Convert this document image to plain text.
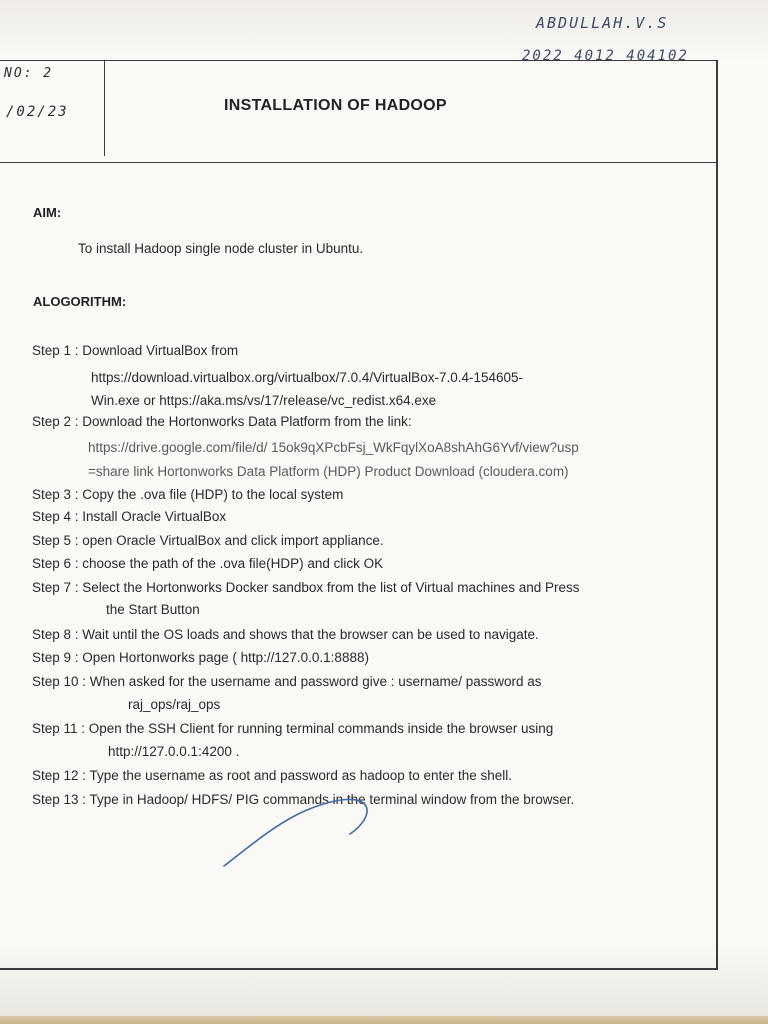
ABDULLAH.V.S
2022 4012 404102
NO: 2
/02/23	INSTALLATION OF HADOOP
AIM:
To install Hadoop single node cluster in Ubuntu.
ALOGORITHM:
Step 1 : Download VirtualBox from
https://download.virtualbox.org/virtualbox/7.0.4/VirtualBox-7.0.4-154605-
Win.exe or https://aka.ms/vs/17/release/vc_redist.x64.exe
Step 2 : Download the Hortonworks Data Platform from the link:
https://drive.google.com/file/d/ 15ok9qXPcbFsj_WkFqylXoA8shAhG6Yvf/view?usp
=share link Hortonworks Data Platform (HDP) Product Download (cloudera.com)
Step 3 : Copy the .ova file (HDP) to the local system
Step 4 : Install Oracle VirtualBox
Step 5 : open Oracle VirtualBox and click import appliance.
Step 6 : choose the path of the .ova file(HDP) and click OK
Step 7 : Select the Hortonworks Docker sandbox from the list of Virtual machines and Press
the Start Button
Step 8 : Wait until the OS loads and shows that the browser can be used to navigate.
Step 9 : Open Hortonworks page ( http://127.0.0.1:8888)
Step 10 : When asked for the username and password give : username/ password as
raj_ops/raj_ops
Step 11 : Open the SSH Client for running terminal commands inside the browser using
http://127.0.0.1:4200 .
Step 12 : Type the username as root and password as hadoop to enter the shell.
Step 13 : Type in Hadoop/ HDFS/ PIG commands in the terminal window from the browser.
